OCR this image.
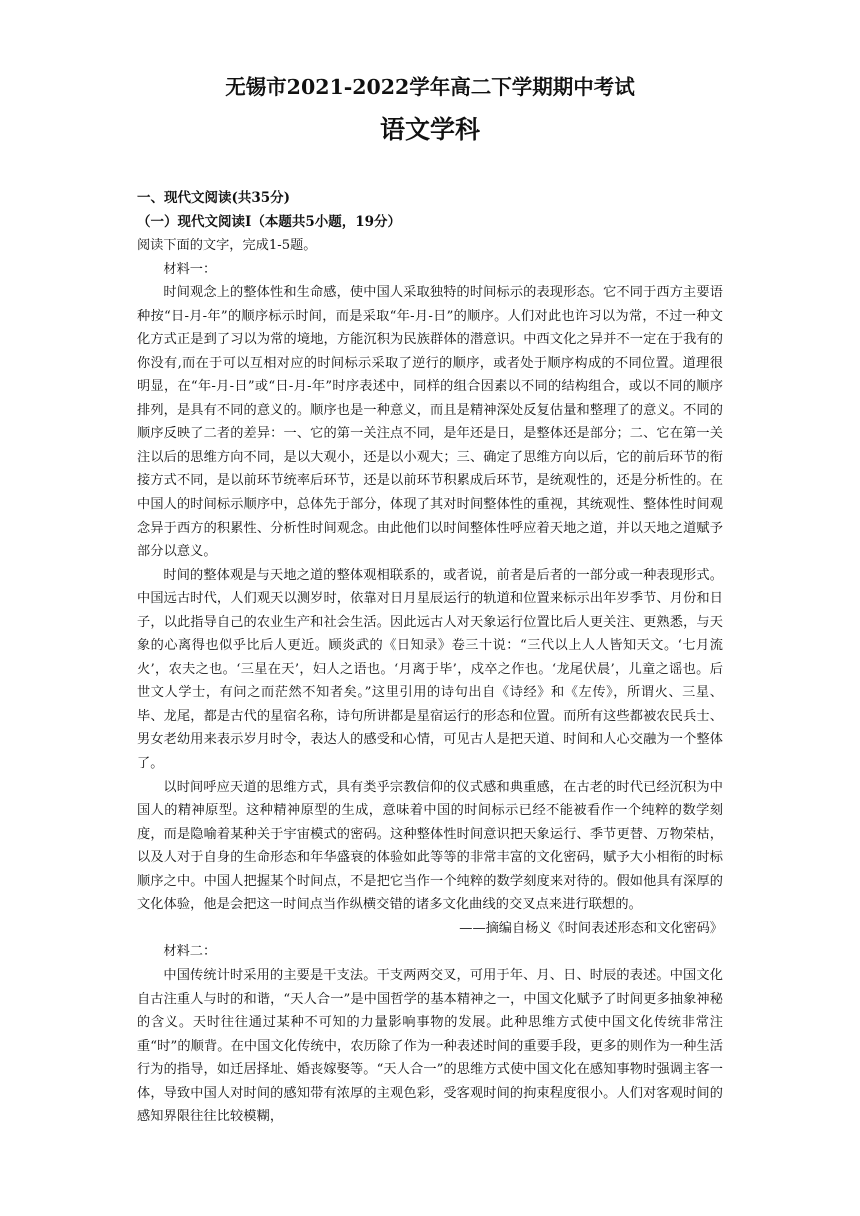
无锡市2021-2022学年高二下学期期中考试
语文学科

一、现代文阅读(共35分)

（一）现代文阅读Ⅰ（本题共5小题，19分）

阅读下面的文字，完成1-5题。

材料一：

时间观念上的整体性和生命感，使中国人采取独特的时间标示的表现形态。它不同于西方主要语种按“日-月-年”的顺序标示时间，而是采取“年-月-日”的顺序。人们对此也许习以为常，不过一种文化方式正是到了习以为常的境地，方能沉积为民族群体的潜意识。中西文化之异并不一定在于我有的你没有,而在于可以互相对应的时间标示采取了逆行的顺序，或者处于顺序构成的不同位置。道理很明显，在“年-月-日”或“日-月-年”时序表述中，同样的组合因素以不同的结构组合，或以不同的顺序排列，是具有不同的意义的。顺序也是一种意义，而且是精神深处反复估量和整理了的意义。不同的顺序反映了二者的差异：一、它的第一关注点不同，是年还是日，是整体还是部分；二、它在第一关注以后的思维方向不同，是以大观小，还是以小观大；三、确定了思维方向以后，它的前后环节的衔接方式不同，是以前环节统率后环节，还是以前环节积累成后环节，是统观性的，还是分析性的。在中国人的时间标示顺序中，总体先于部分，体现了其对时间整体性的重视，其统观性、整体性时间观念异于西方的积累性、分析性时间观念。由此他们以时间整体性呼应着天地之道，并以天地之道赋予部分以意义。

时间的整体观是与天地之道的整体观相联系的，或者说，前者是后者的一部分或一种表现形式。中国远古时代，人们观天以测岁时，依靠对日月星辰运行的轨道和位置来标示出年岁季节、月份和日子，以此指导自己的农业生产和社会生活。因此远古人对天象运行位置比后人更关注、更熟悉，与天象的心离得也似乎比后人更近。顾炎武的《日知录》卷三十说：“三代以上人人皆知天文。‘七月流火’，农夫之也。‘三星在天’，妇人之语也。‘月离于毕’，戍卒之作也。‘龙尾伏晨’，儿童之谣也。后世文人学士，有问之而茫然不知者矣。”这里引用的诗句出自《诗经》和《左传》，所谓火、三星、毕、龙尾，都是古代的星宿名称，诗句所讲都是星宿运行的形态和位置。而所有这些都被农民兵士、男女老幼用来表示岁月时令，表达人的感受和心情，可见古人是把天道、时间和人心交融为一个整体了。

以时间呼应天道的思维方式，具有类乎宗教信仰的仪式感和典重感，在古老的时代已经沉积为中国人的精神原型。这种精神原型的生成，意味着中国的时间标示已经不能被看作一个纯粹的数学刻度，而是隐喻着某种关于宇宙模式的密码。这种整体性时间意识把天象运行、季节更替、万物荣枯，以及人对于自身的生命形态和年华盛衰的体验如此等等的非常丰富的文化密码，赋予大小相衔的时标顺序之中。中国人把握某个时间点，不是把它当作一个纯粹的数学刻度来对待的。假如他具有深厚的文化体验，他是会把这一时间点当作纵横交错的诸多文化曲线的交叉点来进行联想的。

——摘编自杨义《时间表述形态和文化密码》

材料二：

中国传统计时采用的主要是干支法。干支两两交叉，可用于年、月、日、时辰的表述。中国文化自古注重人与时的和谐，“天人合一”是中国哲学的基本精神之一，中国文化赋予了时间更多抽象神秘的含义。天时往往通过某种不可知的力量影响事物的发展。此种思维方式使中国文化传统非常注重“时”的顺背。在中国文化传统中，农历除了作为一种表述时间的重要手段，更多的则作为一种生活行为的指导，如迁居择址、婚丧嫁娶等。“天人合一”的思维方式使中国文化在感知事物时强调主客一体，导致中国人对时间的感知带有浓厚的主观色彩，受客观时间的拘束程度很小。人们对客观时间的感知界限往往比较模糊，
